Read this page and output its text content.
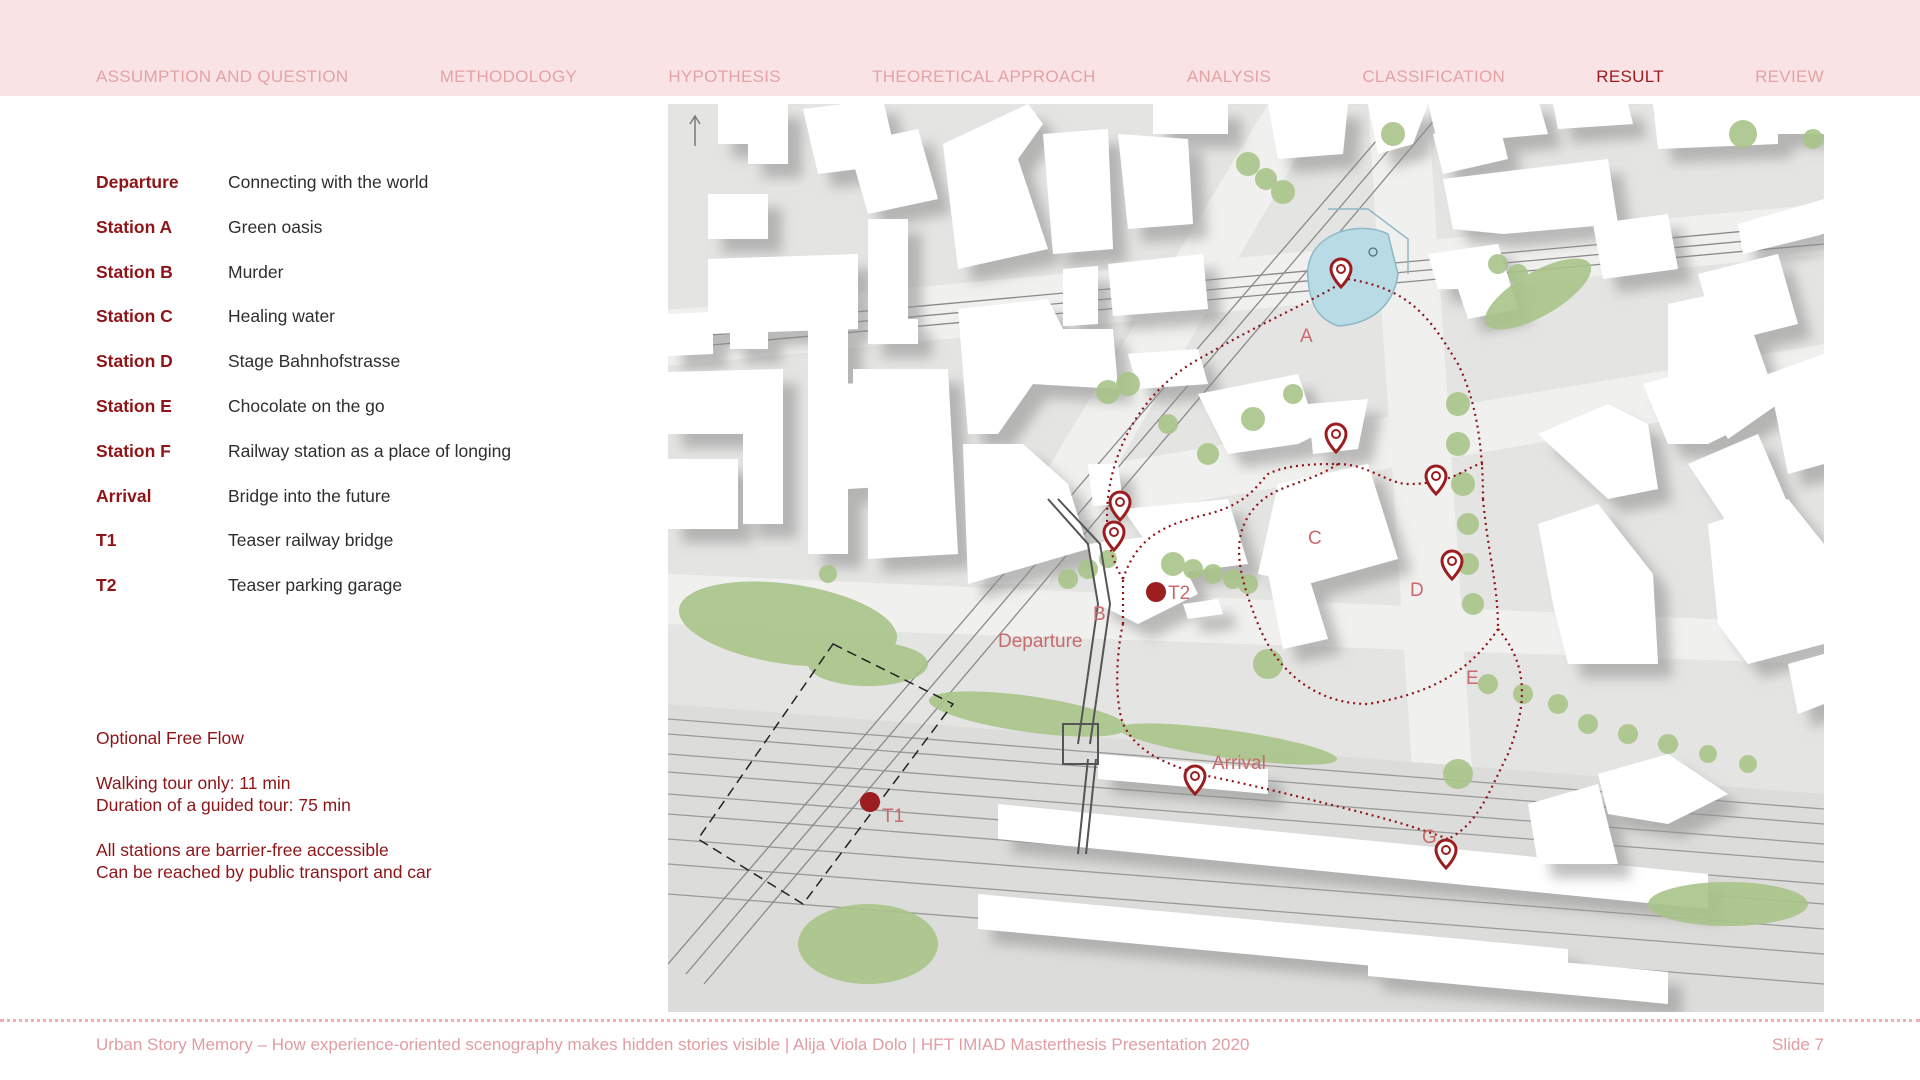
ASSUMPTION AND QUESTION	METHODOLOGY	HYPOTHESIS	THEORETICAL APPROACH	ANALYSIS	CLASSIFICATION	RESULT	REVIEW
Departure	Connecting with the world
Station A	Green oasis
Station B	Murder
Station C	Healing water
Station D	Stage Bahnhofstrasse
Station E	Chocolate on the go
Station F	Railway station as a place of longing
Arrival	Bridge into the future
T1	Teaser railway bridge
T2	Teaser parking garage

Optional Free Flow

Walking tour only: 11 min

Duration of a guided tour: 75 min

All stations are barrier-free accessible

Can be reached by public transport and car

A
B
Departure
C
D
E
Arrival
G
T2
T1
Urban Story Memory – How experience-oriented scenography makes hidden stories visible | Alija Viola Dolo | HFT IMIAD Masterthesis Presentation 2020	Slide 7
